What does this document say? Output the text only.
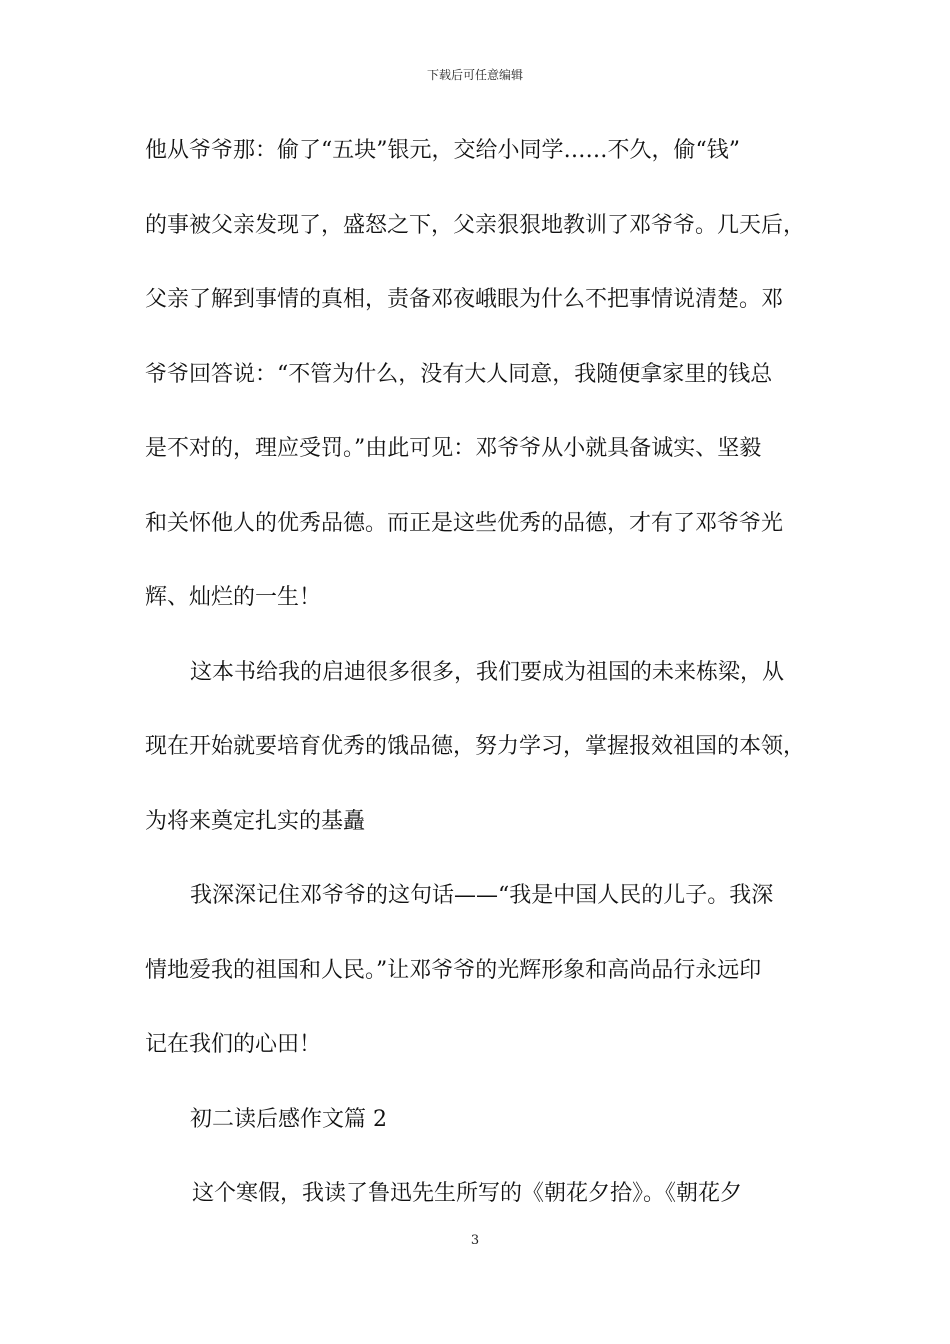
下载后可任意编辑
他从爷爷那：偷了“五块”银元，交给小同学……不久，偷“钱”
的事被父亲发现了，盛怒之下，父亲狠狠地教训了邓爷爷。几天后，
父亲了解到事情的真相，责备邓夜峨眼为什么不把事情说清楚。邓
爷爷回答说：“不管为什么，没有大人同意，我随便拿家里的钱总
是不对的，理应受罚。”由此可见：邓爷爷从小就具备诚实、坚毅
和关怀他人的优秀品德。而正是这些优秀的品德，才有了邓爷爷光
辉、灿烂的一生！
这本书给我的启迪很多很多，我们要成为祖国的未来栋梁，从
现在开始就要培育优秀的饿品德，努力学习，掌握报效祖国的本领，
为将来奠定扎实的基矗
我深深记住邓爷爷的这句话——“我是中国人民的儿子。我深
情地爱我的祖国和人民。”让邓爷爷的光辉形象和高尚品行永远印
记在我们的心田！
初二读后感作文篇 2
这个寒假，我读了鲁迅先生所写的《朝花夕拾》。《朝花夕
3
